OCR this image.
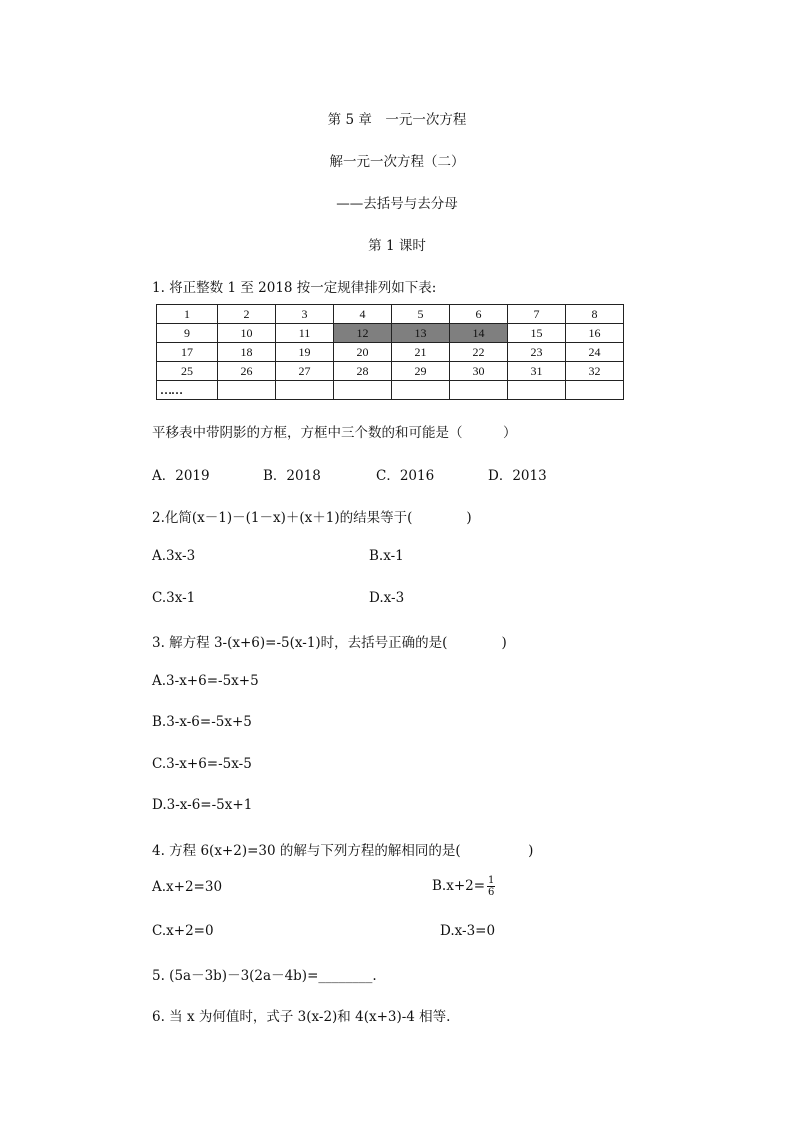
第 5 章　一元一次方程
解一元一次方程（二）
——去括号与去分母
第 1 课时
1. 将正整数 1 至 2018 按一定规律排列如下表:
1	2	3	4	5	6	7	8
9	10	11	12	13	14	15	16
17	18	19	20	21	22	23	24
25	26	27	28	29	30	31	32
……							
平移表中带阴影的方框，方框中三个数的和可能是（　　　）
A．2019	B．2018	C．2016	D．2013
2.化简(x－1)－(1－x)＋(x＋1)的结果等于(　　　　)
A.3x-3	B.x-1
C.3x-1	D.x-3
3. 解方程 3-(x+6)=-5(x-1)时，去括号正确的是(　　　　)
A.3-x+6=-5x+5
B.3-x-6=-5x+5
C.3-x+6=-5x-5
D.3-x-6=-5x+1
4. 方程 6(x+2)=30 的解与下列方程的解相同的是(　　　　　)
A.x+2=30	$B.x+2= \frac{1}{6}$
C.x+2=0	D.x-3=0
5. (5a－3b)－3(2a－4b)=________.
6. 当 x 为何值时，式子 3(x-2)和 4(x+3)-4 相等.
